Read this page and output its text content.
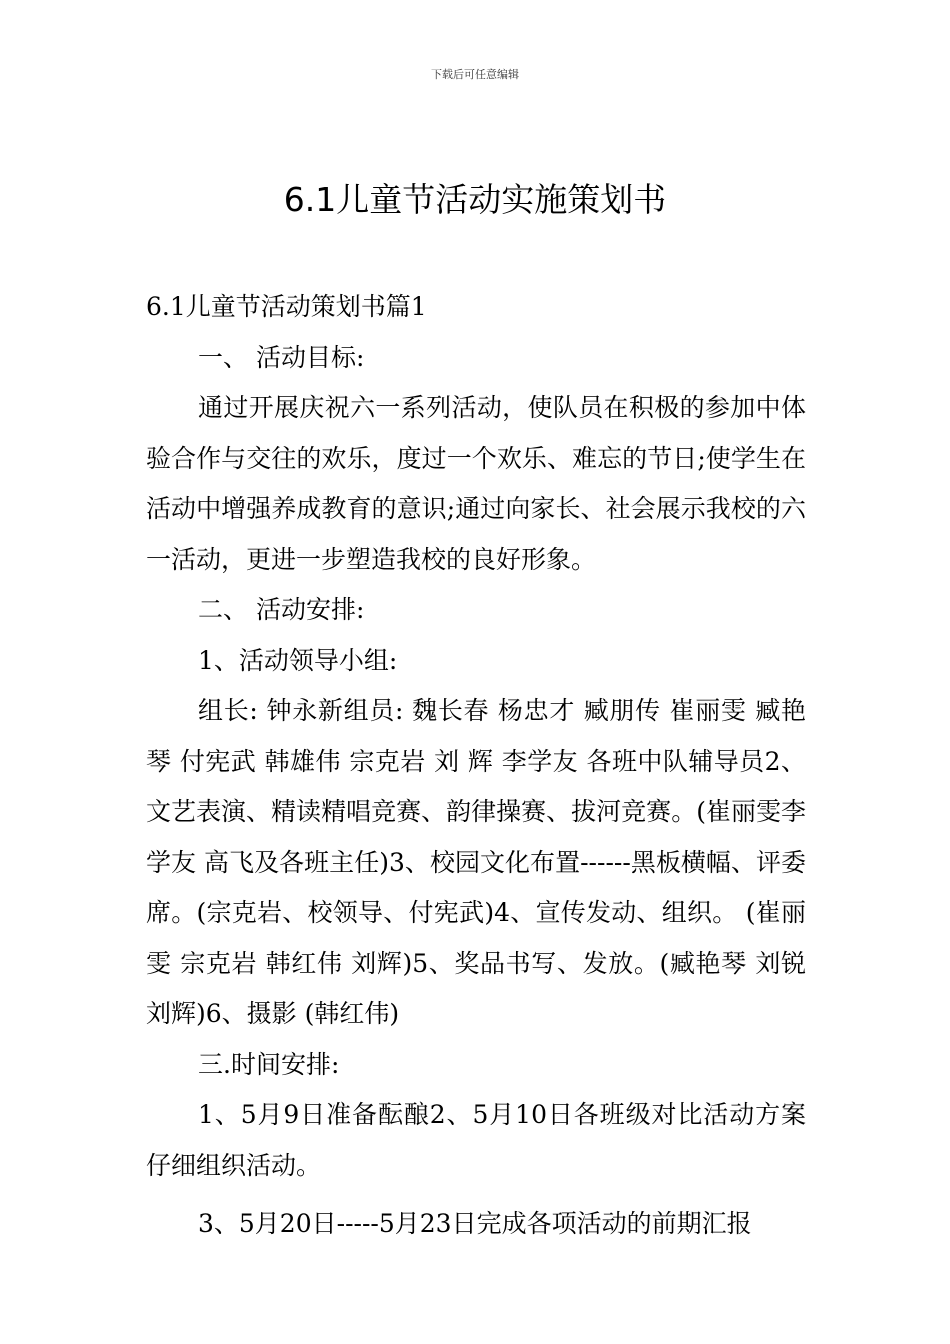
下载后可任意编辑
6.1儿童节活动实施策划书

6.1儿童节活动策划书篇1

一、 活动目标:

通过开展庆祝六一系列活动，使队员在积极的参加中体验合作与交往的欢乐，度过一个欢乐、难忘的节日;使学生在活动中增强养成教育的意识;通过向家长、社会展示我校的六一活动，更进一步塑造我校的良好形象。

二、 活动安排:

1、活动领导小组:

组长: 钟永新组员: 魏长春 杨忠才 臧朋传 崔丽雯 臧艳琴 付宪武 韩雄伟 宗克岩 刘 辉 李学友 各班中队辅导员2、文艺表演、精读精唱竞赛、韵律操赛、拔河竞赛。(崔丽雯李学友 高飞及各班主任)3、校园文化布置------黑板横幅、评委席。(宗克岩、校领导、付宪武)4、宣传发动、组织。 (崔丽雯 宗克岩 韩红伟 刘辉)5、奖品书写、发放。(臧艳琴 刘锐 刘辉)6、摄影 (韩红伟)

三.时间安排:

1、5月9日准备酝酿2、5月10日各班级对比活动方案仔细组织活动。

3、5月20日-----5月23日完成各项活动的前期汇报
